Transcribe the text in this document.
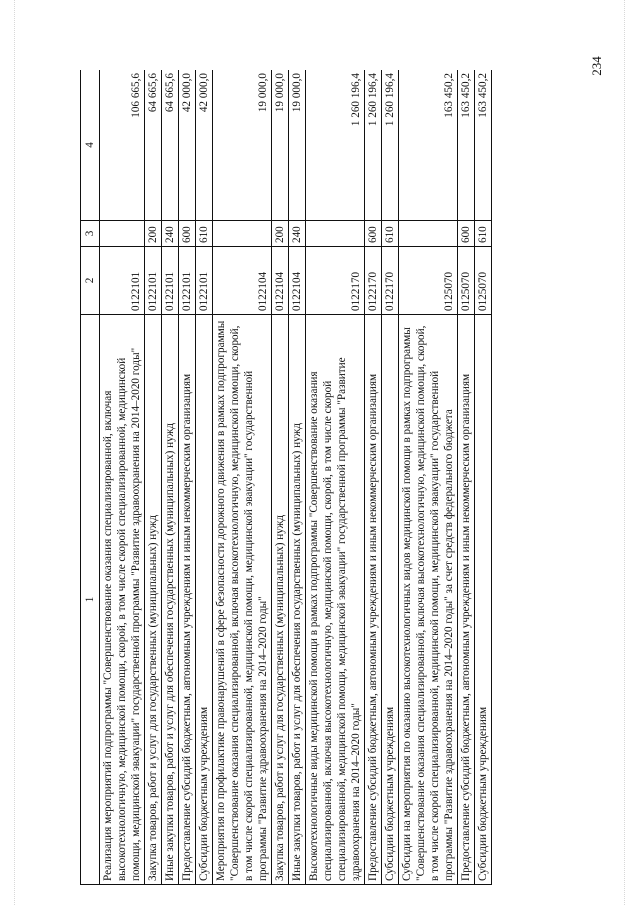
234
1	2	3	4
Реализация мероприятий подпрограммы "Совершенствование оказания специализированной, включая высокотехнологичную, медицинской помощи, скорой, в том числе скорой специализированной, медицинской помощи, медицинской эвакуации" государственной программы "Развитие здравоохранения на 2014–2020 годы"	0122101		106 665,6
Закупка товаров, работ и услуг для государственных (муниципальных) нужд	0122101	200	64 665,6
Иные закупки товаров, работ и услуг для обеспечения государственных (муниципальных) нужд	0122101	240	64 665,6
Предоставление субсидий бюджетным, автономным учреждениям и иным некоммерческим организациям	0122101	600	42 000,0
Субсидии бюджетным учреждениям	0122101	610	42 000,0
Мероприятия по профилактике правонарушений в сфере безопасности дорожного движения в рамках подпрограммы "Совершенствование оказания специализированной, включая высокотехнологичную, медицинской помощи, скорой, в том числе скорой специализированной, медицинской помощи, медицинской эвакуации" государственной программы "Развитие здравоохранения на 2014–2020 годы"	0122104		19 000,0
Закупка товаров, работ и услуг для государственных (муниципальных) нужд	0122104	200	19 000,0
Иные закупки товаров, работ и услуг для обеспечения государственных (муниципальных) нужд	0122104	240	19 000,0
Высокотехнологичные виды медицинской помощи в рамках подпрограммы "Совершенствование оказания специализированной, включая высокотехнологичную, медицинской помощи, скорой, в том числе скорой специализированной, медицинской помощи, медицинской эвакуации" государственной программы "Развитие здравоохранения на 2014–2020 годы"	0122170		1 260 196,4
Предоставление субсидий бюджетным, автономным учреждениям и иным некоммерческим организациям	0122170	600	1 260 196,4
Субсидии бюджетным учреждениям	0122170	610	1 260 196,4
Субсидии на мероприятия по оказанию высокотехнологичных видов медицинской помощи в рамках подпрограммы "Совершенствование оказания специализированной, включая высокотехнологичную, медицинской помощи, скорой, в том числе скорой специализированной, медицинской помощи, медицинской эвакуации" государственной программы "Развитие здравоохранения на 2014–2020 годы" за счет средств федерального бюджета	0125070		163 450,2
Предоставление субсидий бюджетным, автономным учреждениям и иным некоммерческим организациям	0125070	600	163 450,2
Субсидии бюджетным учреждениям	0125070	610	163 450,2
